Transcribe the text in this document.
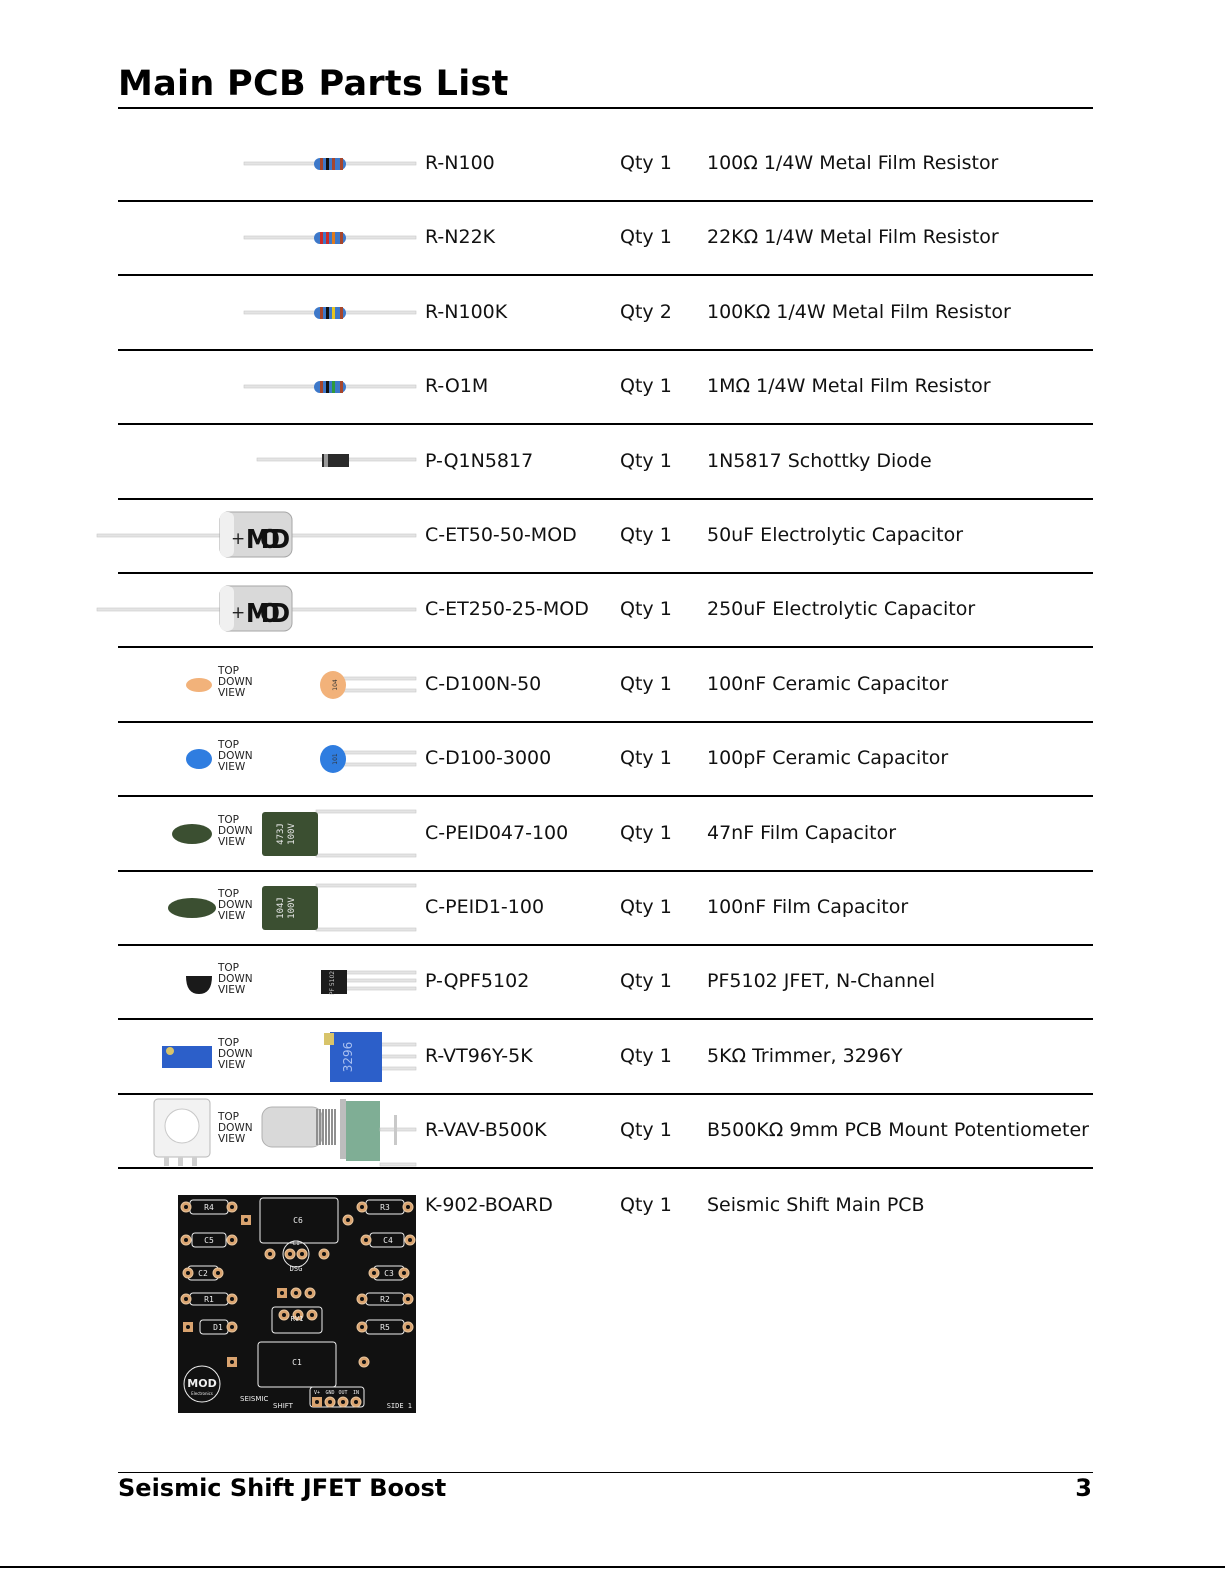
Main PCB Parts List
R-N100	Qty 1 100Ω 1/4W Metal Film Resistor
R-N22K	Qty 1 22KΩ 1/4W Metal Film Resistor
R-N100K	Qty 2 100KΩ 1/4W Metal Film Resistor
R-O1M	Qty 1 1MΩ 1/4W Metal Film Resistor
P-Q1N5817	Qty 1 1N5817 Schottky Diode
+ MOD	C-ET50-50-MOD Qty 1 50uF Electrolytic Capacitor
+ MOD	C-ET250-25-MOD Qty 1 250uF Electrolytic Capacitor
TOP
DOWN
VIEW
104	C-D100N-50	Qty 1 100nF Ceramic Capacitor
TOP
DOWN
VIEW
101	C-D100-3000	Qty 1 100pF Ceramic Capacitor
TOP
DOWN
VIEW	473J 100V	C-PEID047-100	Qty 1 47nF Film Capacitor
TOP
DOWN
VIEW	104J 100V	C-PEID1-100	Qty 1 100nF Film Capacitor
TOP
DOWN
VIEW	PF 5102	P-QPF5102	Qty 1 PF5102 JFET, N-Channel
TOP
DOWN
VIEW	3296	R-VT96Y-5K	Qty 1 5KΩ Trimmer, 3296Y
TOP
DOWN
VIEW	R-VAV-B500K	Qty 1 B500KΩ 9mm PCB Mount Potentiometer
K-902-BOARD	Qty 1 Seismic Shift Main PCB
Seismic Shift JFET Boost	3
R4	R3
C6
C5	C4
C1
DSG
C2	C3
R1	R2
RV1
D1	R5
C1
MOD
Electronics
SEISMIC
SHIFT
V+ GND OUT IN
SIDE 1
